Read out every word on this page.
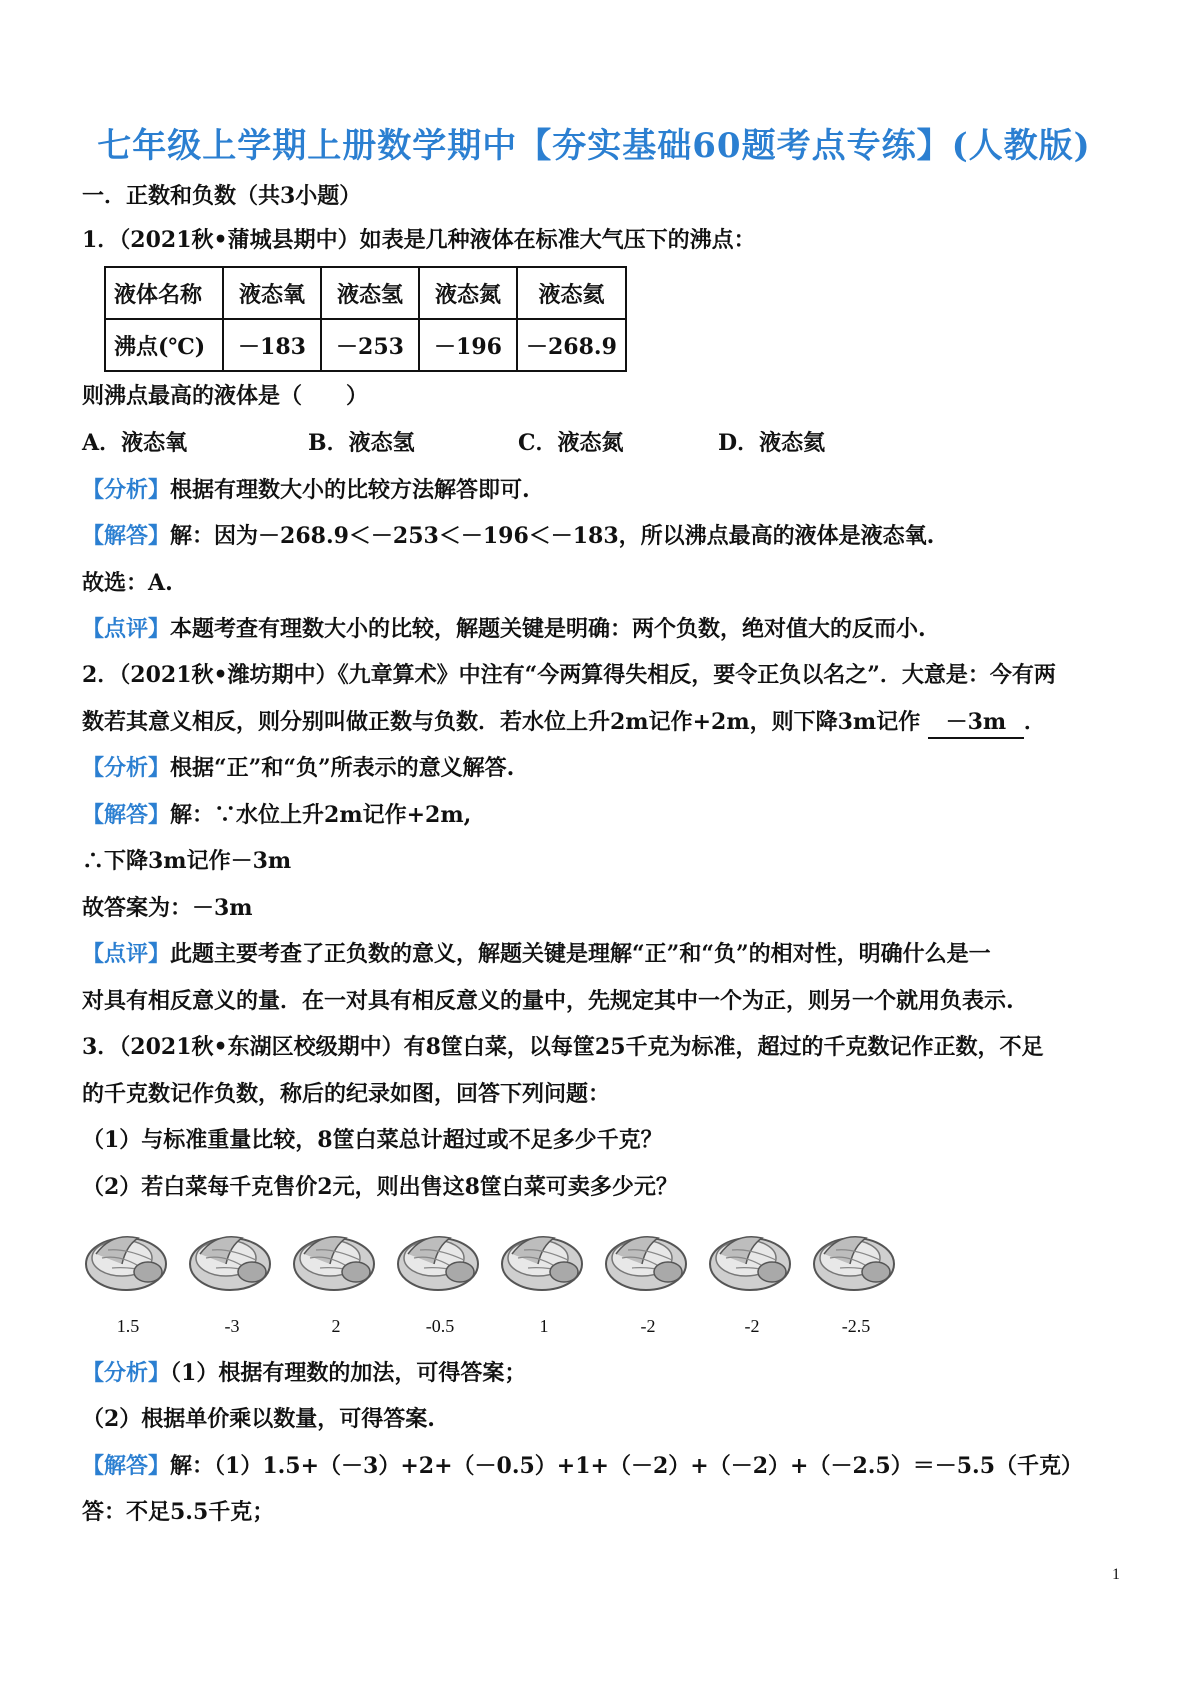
七年级上学期上册数学期中【夯实基础60题考点专练】(人教版)
一．正数和负数（共3小题）
1．（2021秋•蒲城县期中）如表是几种液体在标准大气压下的沸点：
液体名称	液态氧	液态氢	液态氮	液态氦
沸点(℃)	－183	－253	－196	－268.9
则沸点最高的液体是（　　）
A．液态氧	B．液态氢	C．液态氮	D．液态氦
【分析】根据有理数大小的比较方法解答即可.
【解答】解：因为－268.9＜－253＜－196＜－183，所以沸点最高的液体是液态氧.
故选：A.
【点评】本题考查有理数大小的比较，解题关键是明确：两个负数，绝对值大的反而小.
2．（2021秋•潍坊期中）《九章算术》中注有“今两算得失相反，要令正负以名之”．大意是：今有两
数若其意义相反，则分别叫做正数与负数．若水位上升2m记作+2m，则下降3m记作 －3m ．
【分析】根据“正”和“负”所表示的意义解答.
【解答】解：∵水位上升2m记作+2m,
∴下降3m记作－3m
故答案为：－3m
【点评】此题主要考查了正负数的意义，解题关键是理解“正”和“负”的相对性，明确什么是一
对具有相反意义的量．在一对具有相反意义的量中，先规定其中一个为正，则另一个就用负表示.
3．（2021秋•东湖区校级期中）有8筐白菜，以每筐25千克为标准，超过的千克数记作正数，不足
的千克数记作负数，称后的纪录如图，回答下列问题：
（1）与标准重量比较，8筐白菜总计超过或不足多少千克？
（2）若白菜每千克售价2元，则出售这8筐白菜可卖多少元？
1.5	-3	2	-0.5	1	-2	-2	-2.5
【分析】（1）根据有理数的加法，可得答案；
（2）根据单价乘以数量，可得答案.
【解答】解：（1）1.5+（－3）+2+（－0.5）+1+（－2）+（－2）+（－2.5）＝－5.5（千克）
答：不足5.5千克；
1
